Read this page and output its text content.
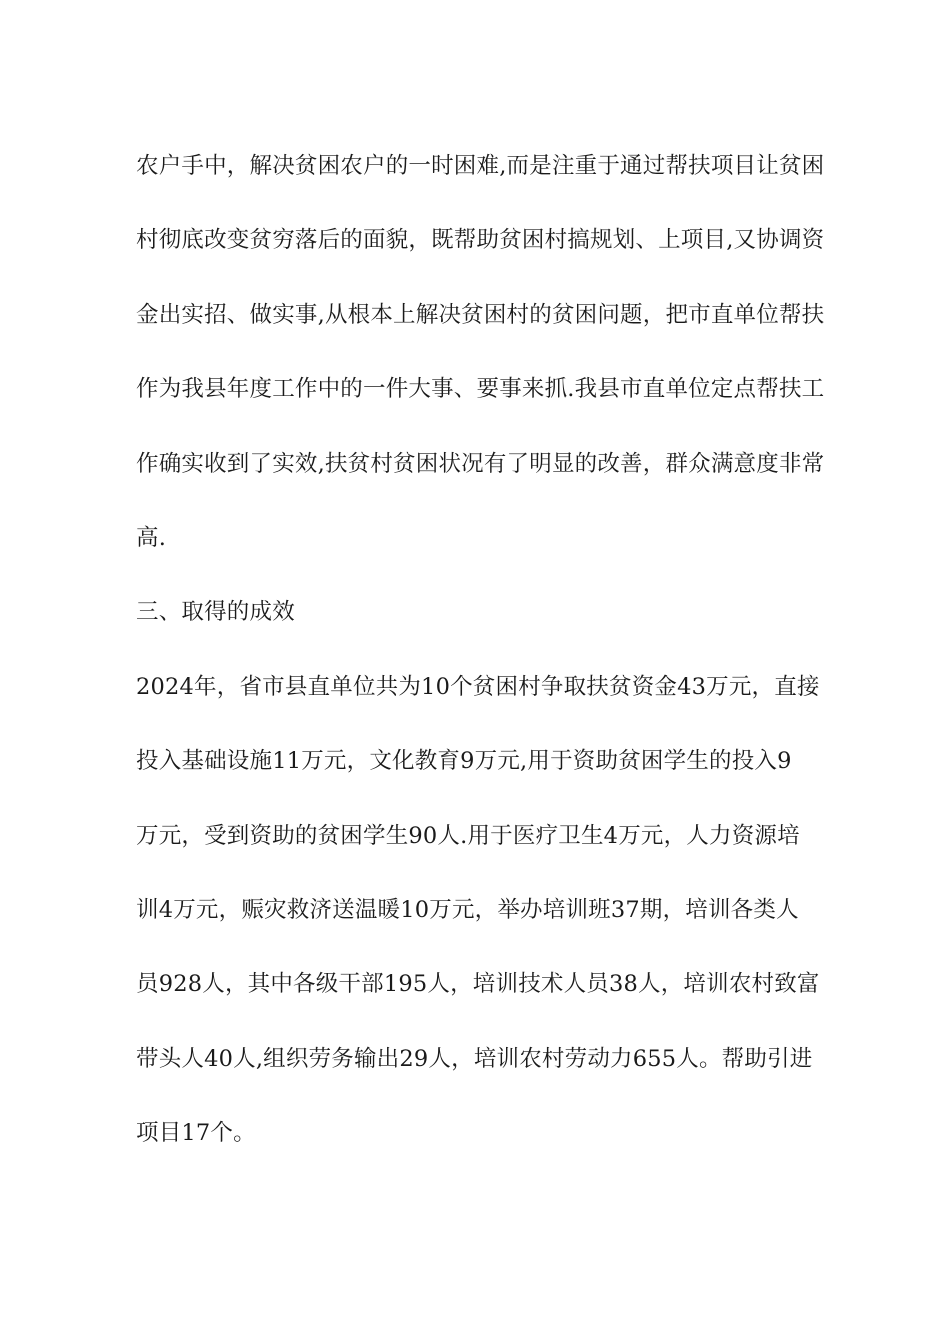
农户手中，解决贫困农户的一时困难,而是注重于通过帮扶项目让贫困
村彻底改变贫穷落后的面貌，既帮助贫困村搞规划、上项目,又协调资
金出实招、做实事,从根本上解决贫困村的贫困问题，把市直单位帮扶
作为我县年度工作中的一件大事、要事来抓.我县市直单位定点帮扶工
作确实收到了实效,扶贫村贫困状况有了明显的改善，群众满意度非常
高.
三、取得的成效
2024年，省市县直单位共为10个贫困村争取扶贫资金43万元，直接
投入基础设施11万元，文化教育9万元,用于资助贫困学生的投入9
万元，受到资助的贫困学生90人.用于医疗卫生4万元，人力资源培
训4万元，赈灾救济送温暖10万元，举办培训班37期，培训各类人
员928人，其中各级干部195人，培训技术人员38人，培训农村致富
带头人40人,组织劳务输出29人，培训农村劳动力655人。帮助引进
项目17个。
